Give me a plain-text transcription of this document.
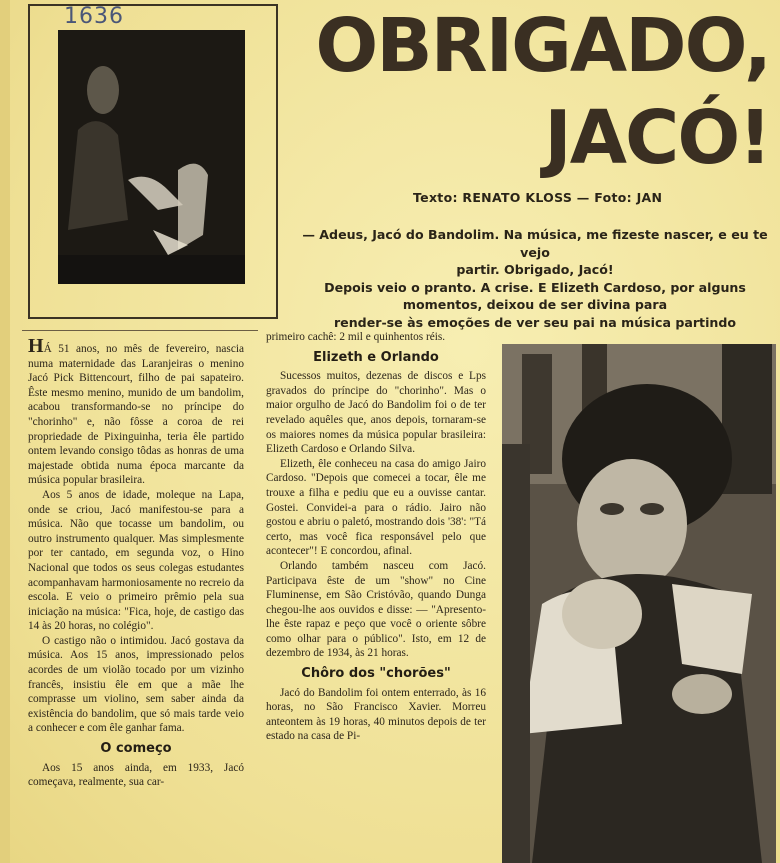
1636	OBRIGADO,
JACÓ!
Texto: RENATO KLOSS — Foto: JAN
— Adeus, Jacó do Bandolim. Na música, me fizeste nascer, e eu te vejo
partir. Obrigado, Jacó!
Depois veio o pranto. A crise. E Elizeth Cardoso, por alguns
momentos, deixou de ser divina para
render-se às emoções de ver seu pai na música partindo

HÁ 51 anos, no mês de fevereiro, nascia numa maternidade das Laranjeiras o menino Jacó Pick Bittencourt, filho de pai sapateiro. Êste mesmo menino, munido de um bandolim, acabou transformando-se no príncipe do "chorinho" e, não fôsse a coroa de rei propriedade de Pixinguinha, teria êle partido ontem levando consigo tôdas as honras de uma majestade obtida numa época marcante da música popular brasileira.

Aos 5 anos de idade, moleque na Lapa, onde se criou, Jacó manifestou-se para a música. Não que tocasse um bandolim, ou outro instrumento qualquer. Mas simplesmente por ter cantado, em segunda voz, o Hino Nacional que todos os seus colegas estudantes acompanhavam harmoniosamente no recreio da escola. E veio o primeiro prêmio pela sua iniciação na música: "Fica, hoje, de castigo das 14 às 20 horas, no colégio".

O castigo não o intimidou. Jacó gostava da música. Aos 15 anos, impressionado pelos acordes de um violão tocado por um vizinho francês, insistiu êle em que a mãe lhe comprasse um violino, sem saber ainda da existência do bandolim, que só mais tarde veio a conhecer e com êle ganhar fama.

O começo

Aos 15 anos ainda, em 1933, Jacó começava, realmente, sua car-

primeiro cachê: 2 mil e quinhentos réis.

Elizeth e Orlando

Sucessos muitos, dezenas de discos e Lps gravados do príncipe do "chorinho". Mas o maior orgulho de Jacó do Bandolim foi o de ter revelado aquêles que, anos depois, tornaram-se os maiores nomes da música popular brasileira: Elizeth Cardoso e Orlando Silva.

Elizeth, êle conheceu na casa do amigo Jairo Cardoso. "Depois que comecei a tocar, êle me trouxe a filha e pediu que eu a ouvisse cantar. Gostei. Convidei-a para o rádio. Jairo não gostou e abriu o paletó, mostrando dois '38': "Tá certo, mas você fica responsável pelo que acontecer"! E concordou, afinal.

Orlando também nasceu com Jacó. Participava êste de um "show" no Cine Fluminense, em São Cristóvão, quando Dunga chegou-lhe aos ouvidos e disse: — "Apresento-lhe êste rapaz e peço que você o oriente sôbre como olhar para o público". Isto, em 12 de dezembro de 1934, às 21 horas.

Chôro dos "chorões"

Jacó do Bandolim foi ontem enterrado, às 16 horas, no São Francisco Xavier. Morreu anteontem às 19 horas, 40 minutos depois de ter estado na casa de Pi-
